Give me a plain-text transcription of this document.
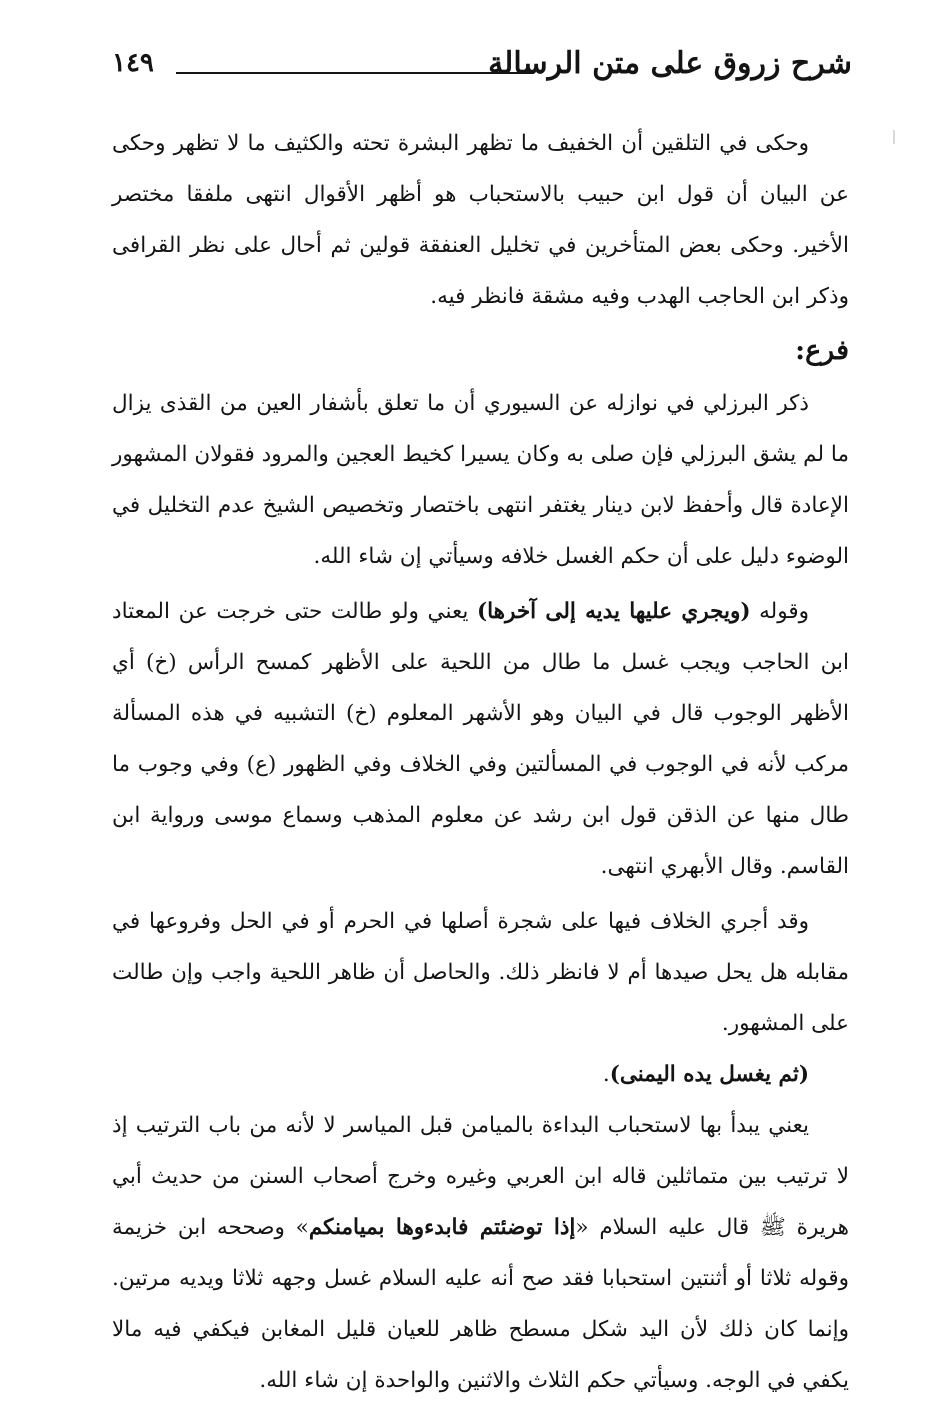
شرح زروق على متن الرسالة
١٤٩

وحكى في التلقين أن الخفيف ما تظهر البشرة تحته والكثيف ما لا تظهر وحكى عن البيان أن قول ابن حبيب بالاستحباب هو أظهر الأقوال انتهى ملفقا مختصر الأخير. وحكى بعض المتأخرين في تخليل العنفقة قولين ثم أحال على نظر القرافى وذكر ابن الحاجب الهدب وفيه مشقة فانظر فيه.

فرع:

ذكر البرزلي في نوازله عن السيوري أن ما تعلق بأشفار العين من القذى يزال ما لم يشق البرزلي فإن صلى به وكان يسيرا كخيط العجين والمرود فقولان المشهور الإعادة قال وأحفظ لابن دينار يغتفر انتهى باختصار وتخصيص الشيخ عدم التخليل في الوضوء دليل على أن حكم الغسل خلافه وسيأتي إن شاء الله.

وقوله (ويجري عليها يديه إلى آخرها) يعني ولو طالت حتى خرجت عن المعتاد ابن الحاجب ويجب غسل ما طال من اللحية على الأظهر كمسح الرأس (خ) أي الأظهر الوجوب قال في البيان وهو الأشهر المعلوم (خ) التشبيه في هذه المسألة مركب لأنه في الوجوب في المسألتين وفي الخلاف وفي الظهور (ع) وفي وجوب ما طال منها عن الذقن قول ابن رشد عن معلوم المذهب وسماع موسى ورواية ابن القاسم. وقال الأبهري انتهى.

وقد أجري الخلاف فيها على شجرة أصلها في الحرم أو في الحل وفروعها في مقابله هل يحل صيدها أم لا فانظر ذلك. والحاصل أن ظاهر اللحية واجب وإن طالت على المشهور.

(ثم يغسل يده اليمنى).

يعني يبدأ بها لاستحباب البداءة بالميامن قبل المياسر لا لأنه من باب الترتيب إذ لا ترتيب بين متماثلين قاله ابن العربي وغيره وخرج أصحاب السنن من حديث أبي هريرة ﷺ قال عليه السلام «إذا توضئتم فابدءوها بميامنكم» وصححه ابن خزيمة وقوله ثلاثا أو أثنتين استحبابا فقد صح أنه عليه السلام غسل وجهه ثلاثا ويديه مرتين. وإنما كان ذلك لأن اليد شكل مسطح ظاهر للعيان قليل المغابن فيكفي فيه مالا يكفي في الوجه. وسيأتي حكم الثلاث والاثنين والواحدة إن شاء الله.
